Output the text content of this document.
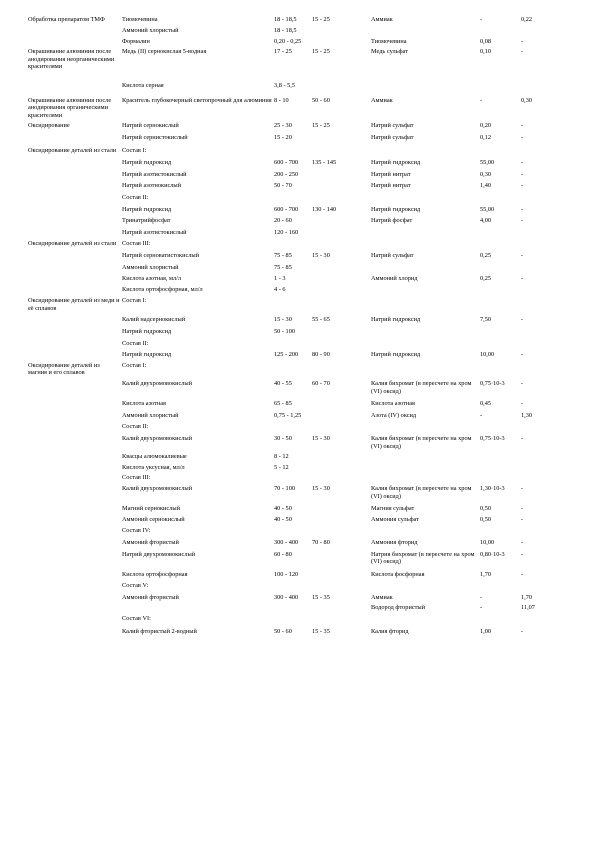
Обработка препаратом ТМФ	Тиомочевина	18 - 18,5	15 - 25	Аммиак	-	0,22
	Аммоний хлористый	18 - 18,5				
	Формалин	0,20 - 0,25		Тиомочевина	0,08	-
Окрашивание алюминия после анодирования неорганическими красителями	Медь (II) сернокислая 5-водная	17 - 25	15 - 25	Медь сульфат	0,10	-
	Кислота серная	3,8 - 5,5				
Окрашивание алюминия после анодирования органическими красителями	Краситель глубокочерный светопрочный для алюминия	8 - 10	50 - 60	Аммиак	-	0,30
Оксидирование	Натрий сернокислый	25 - 30	15 - 25	Натрий сульфат	0,20	-
	Натрий сернистокислый	15 - 20		Натрий сульфат	0,12	-
Оксидирование деталей из стали	Состав I:					
	Натрий гидроксид	600 - 700	135 - 145	Натрий гидроксид	55,00	-
	Натрий азотистокислый	200 - 250		Натрий нитрат	0,30	-
	Натрий азотнокислый	50 - 70		Натрий нитрат	1,40	-
	Состав II:					
	Натрий гидроксид	600 - 700	130 - 140	Натрий гидроксид	55,00	-
	Тринатрийфосфат	20 - 60		Натрий фосфат	4,00	-
	Натрий азотистокислый	120 - 160				
Оксидирование деталей из стали	Состав III:					
	Натрий серноватистокислый	75 - 85	15 - 30	Натрий сульфат	0,25	-
	Аммоний хлористый	75 - 85				
	Кислота азотная, мл/л	1 - 3		Аммоний хлорид	0,25	-
	Кислота ортофосфорная, мл/л	4 - 6				
Оксидирование деталей из меди и её сплавов	Состав I:					
	Калий надсернокислый	15 - 30	55 - 65	Натрий гидроксид	7,50	-
	Натрий гидроксид	50 - 100				
	Состав II:					
	Натрий гидроксид	125 - 200	80 - 90	Натрий гидроксид	10,00	-
Оксидирование деталей из магния и его сплавов	Состав I:					
	Калий двухромовокислый	40 - 55	60 - 70	Калия бихромат (в пересчете на хром (VI) оксид)	0,75·10-3	-
	Кислота азотная	65 - 85		Кислота азотная	0,45	-
	Аммоний хлористый	0,75 - 1,25		Азота (IV) оксид	-	1,30
	Состав II:					
	Калий двухромовокислый	30 - 50	15 - 30	Калия бихромат (в пересчете на хром (VI) оксид)	0,75·10-3	-
	Квасцы алюмокалиевые	8 - 12				
	Кислота уксусная, мл/л	5 - 12				
	Состав III:					
	Калий двухромовокислый	70 - 100	15 - 30	Калия бихромат (в пересчете на хром (VI) оксид)	1,30·10-3	-
	Магний сернокислый	40 - 50		Магния сульфат	0,50	-
	Аммоний сернокислый	40 - 50		Аммония сульфат	0,50	-
	Состав IV:					
	Аммоний фтористый	300 - 400	70 - 80	Аммония фторид	10,00	-
	Натрий двухромовокислый	60 - 80		Натрия бихромат (в пересчете на хром (VI) оксид)	0,80·10-3	-
	Кислота ортофосфорная	100 - 120		Кислота фосфорная	1,70	-
	Состав V:					
	Аммоний фтористый	300 - 400	15 - 35	Аммиак	-	1,70
				Водород фтористый	-	11,07
	Состав VI:					
	Калий фтористый 2-водный	50 - 60	15 - 35	Калия фторид	1,00	-
